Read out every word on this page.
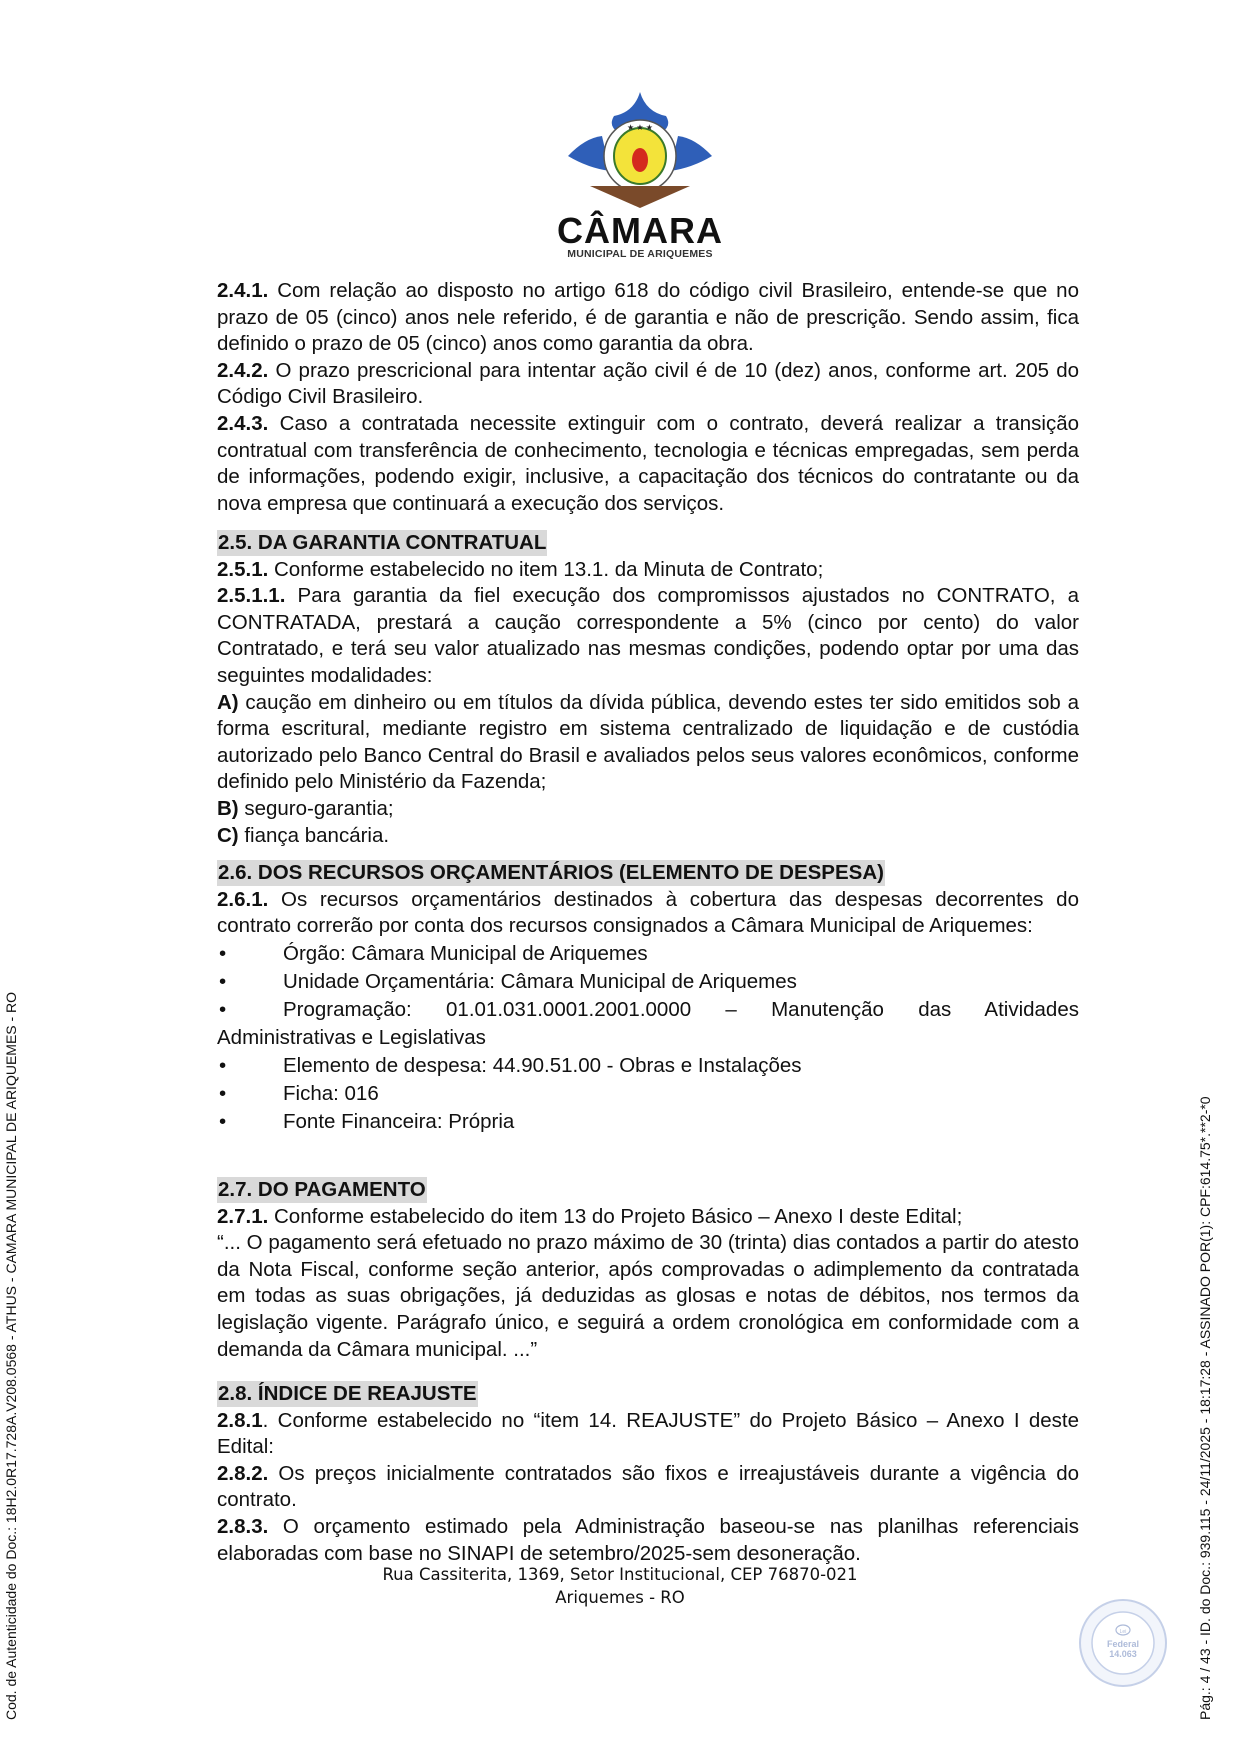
★ ★ ★
CÂMARA
MUNICIPAL DE ARIQUEMES

2.4.1. Com relação ao disposto no artigo 618 do código civil Brasileiro, entende-se que no prazo de 05 (cinco) anos nele referido, é de garantia e não de prescrição. Sendo assim, fica definido o prazo de 05 (cinco) anos como garantia da obra.

2.4.2. O prazo prescricional para intentar ação civil é de 10 (dez) anos, conforme art. 205 do Código Civil Brasileiro.

2.4.3. Caso a contratada necessite extinguir com o contrato, deverá realizar a transição contratual com transferência de conhecimento, tecnologia e técnicas empregadas, sem perda de informações, podendo exigir, inclusive, a capacitação dos técnicos do contratante ou da nova empresa que continuará a execução dos serviços.

2.5. DA GARANTIA CONTRATUAL

2.5.1. Conforme estabelecido no item 13.1. da Minuta de Contrato;

2.5.1.1. Para garantia da fiel execução dos compromissos ajustados no CONTRATO, a CONTRATADA, prestará a caução correspondente a 5% (cinco por cento) do valor Contratado, e terá seu valor atualizado nas mesmas condições, podendo optar por uma das seguintes modalidades:

A) caução em dinheiro ou em títulos da dívida pública, devendo estes ter sido emitidos sob a forma escritural, mediante registro em sistema centralizado de liquidação e de custódia autorizado pelo Banco Central do Brasil e avaliados pelos seus valores econômicos, conforme definido pelo Ministério da Fazenda;

B) seguro-garantia;

C) fiança bancária.

2.6. DOS RECURSOS ORÇAMENTÁRIOS (ELEMENTO DE DESPESA)

2.6.1. Os recursos orçamentários destinados à cobertura das despesas decorrentes do contrato correrão por conta dos recursos consignados a Câmara Municipal de Ariquemes:

•	Órgão: Câmara Municipal de Ariquemes

•	Unidade Orçamentária: Câmara Municipal de Ariquemes

•	Programação: 01.01.031.0001.2001.0000 – Manutenção das Atividades Administrativas e Legislativas

•	Elemento de despesa: 44.90.51.00 - Obras e Instalações

•	Ficha: 016

•	Fonte Financeira: Própria

2.7. DO PAGAMENTO

2.7.1. Conforme estabelecido do item 13 do Projeto Básico – Anexo I deste Edital;

“... O pagamento será efetuado no prazo máximo de 30 (trinta) dias contados a partir do atesto da Nota Fiscal, conforme seção anterior, após comprovadas o adimplemento da contratada em todas as suas obrigações, já deduzidas as glosas e notas de débitos, nos termos da legislação vigente. Parágrafo único, e seguirá a ordem cronológica em conformidade com a demanda da Câmara municipal. ...”

2.8. ÍNDICE DE REAJUSTE

2.8.1. Conforme estabelecido no “item 14. REAJUSTE” do Projeto Básico – Anexo I deste Edital:

2.8.2. Os preços inicialmente contratados são fixos e irreajustáveis durante a vigência do contrato.

2.8.3. O orçamento estimado pela Administração baseou-se nas planilhas referenciais elaboradas com base no SINAPI de setembro/2025-sem desoneração.

Rua Cassiterita, 1369, Setor Institucional, CEP 76870-021
Ariquemes - RO
Cod. de Autenticidade do Doc.: 18H2.0R17.728A.V208.0568 - ATHUS - CAMARA MUNICIPAL DE ARIQUEMES - RO	Pág.: 4 / 43 - ID. do Doc.: 939.115 - 24/11/2025 - 18:17:28 - ASSINADO POR(1): CPF:614.75*.**2-*0
Lei
Federal
14.063
